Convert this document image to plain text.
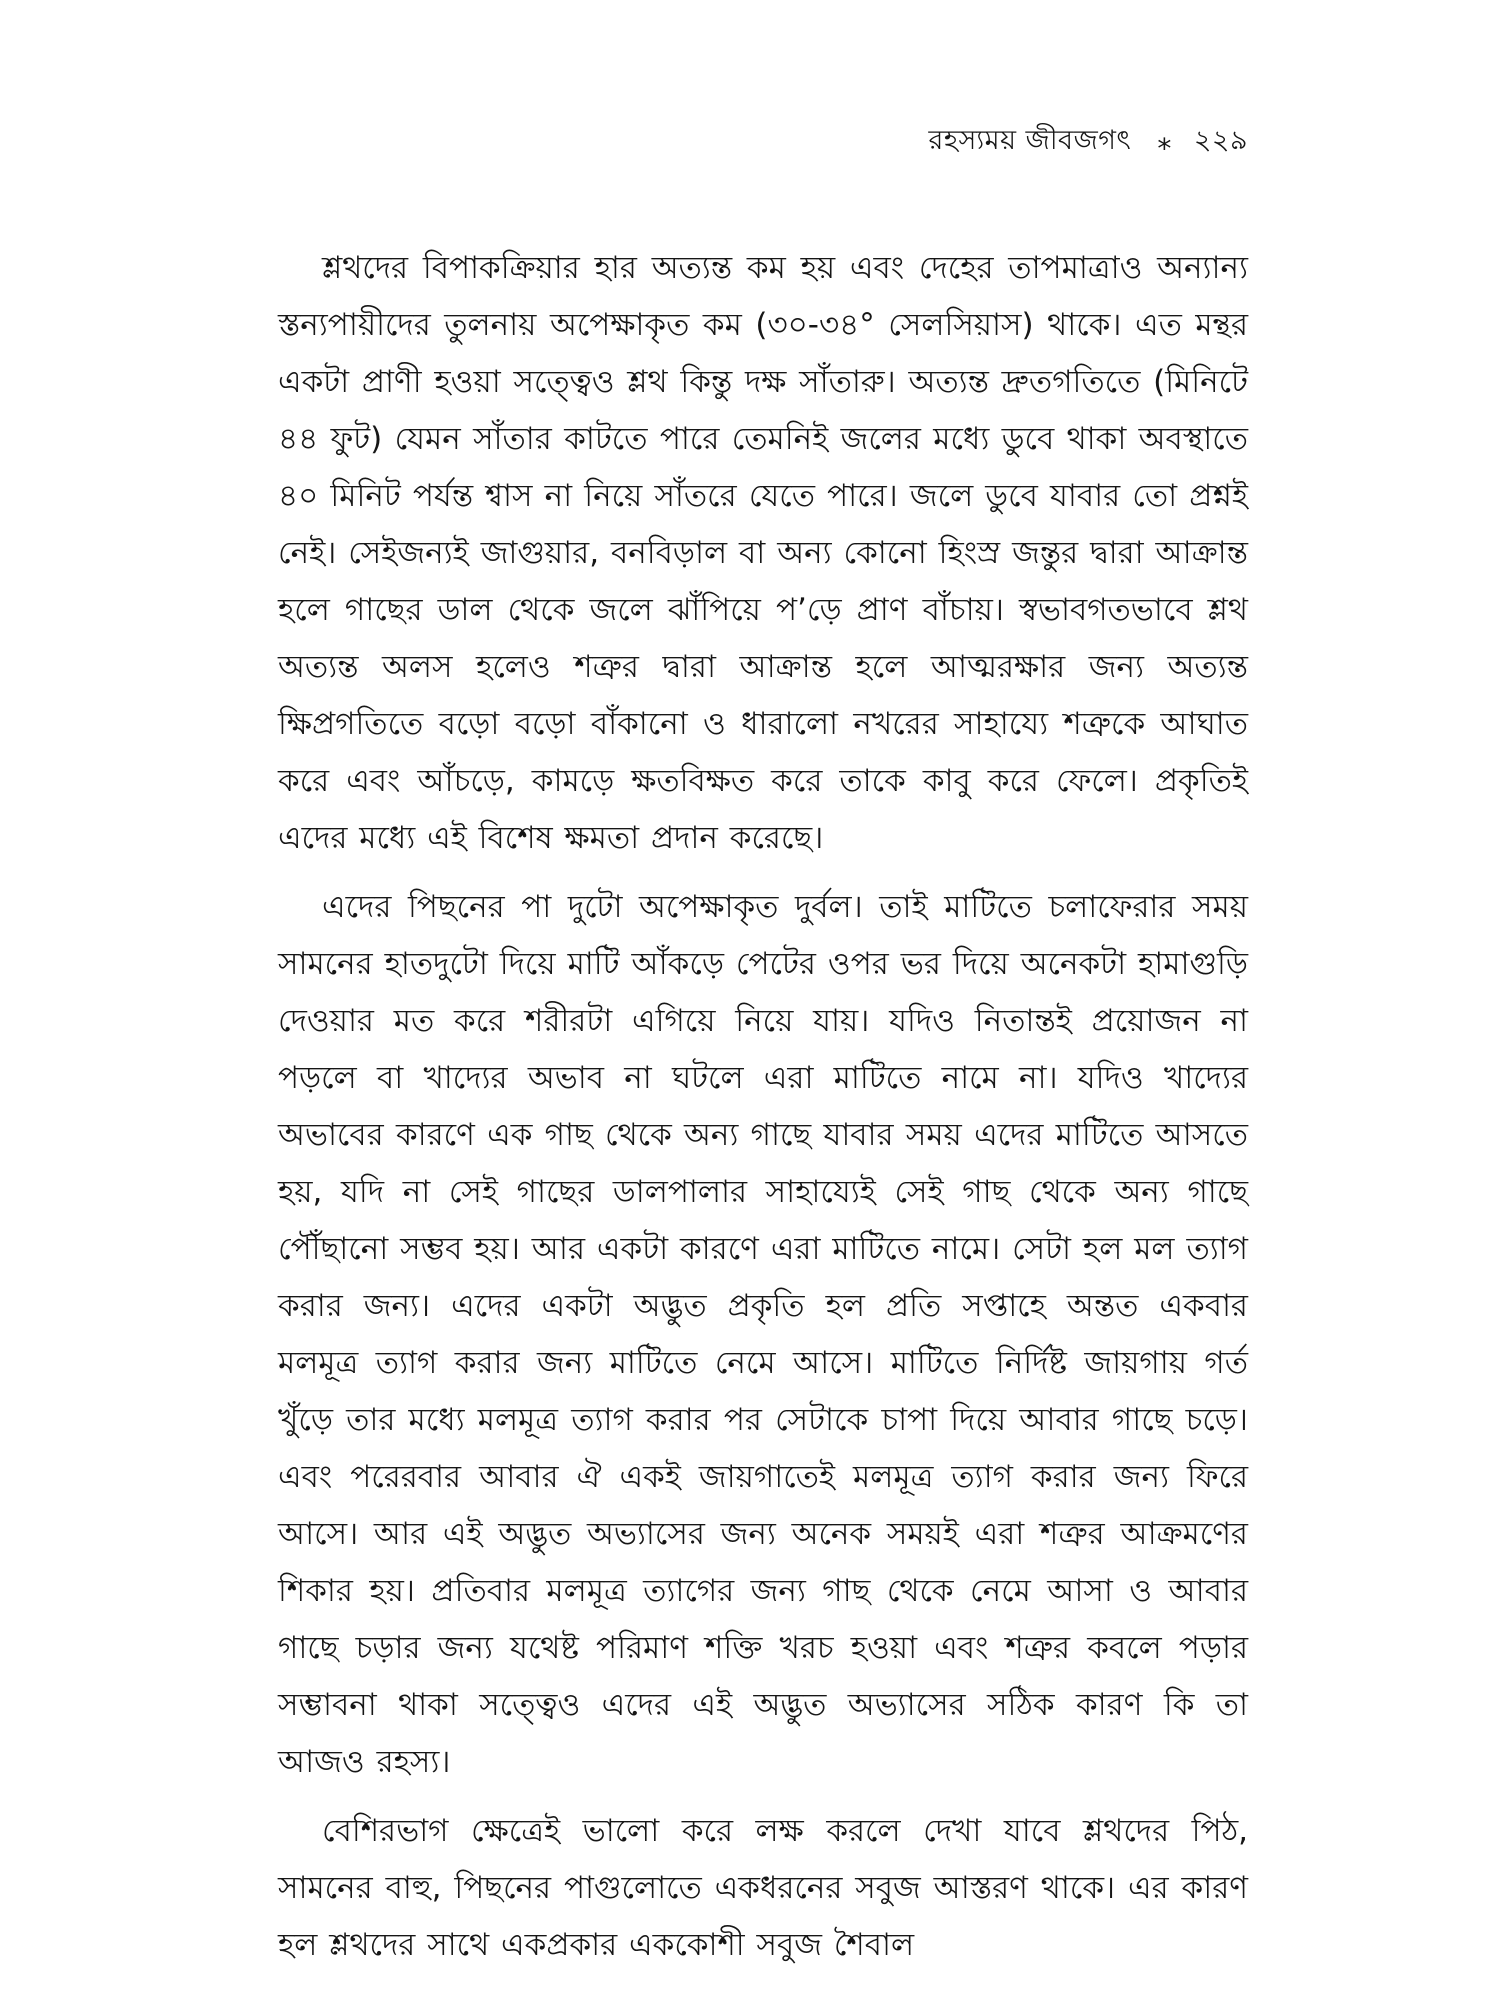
রহস্যময় জীবজগৎ ⁎ ২২৯

শ্লথদের বিপাকক্রিয়ার হার অত্যন্ত কম হয় এবং দেহের তাপমাত্রাও অন্যান্য স্তন্যপায়ীদের তুলনায় অপেক্ষাকৃত কম (৩০-৩৪° সেলসিয়াস) থাকে। এত মন্থর একটা প্রাণী হওয়া সত্ত্বেও শ্লথ কিন্তু দক্ষ সাঁতারু। অত্যন্ত দ্রুতগতিতে (মিনিটে ৪৪ ফুট) যেমন সাঁতার কাটতে পারে তেমনিই জলের মধ্যে ডুবে থাকা অবস্থাতে ৪০ মিনিট পর্যন্ত শ্বাস না নিয়ে সাঁতরে যেতে পারে। জলে ডুবে যাবার তো প্রশ্নই নেই। সেইজন্যই জাগুয়ার, বনবিড়াল বা অন্য কোনো হিংস্র জন্তুর দ্বারা আক্রান্ত হলে গাছের ডাল থেকে জলে ঝাঁপিয়ে প’ড়ে প্রাণ বাঁচায়। স্বভাবগতভাবে শ্লথ অত্যন্ত অলস হলেও শত্রুর দ্বারা আক্রান্ত হলে আত্মরক্ষার জন্য অত্যন্ত ক্ষিপ্রগতিতে বড়ো বড়ো বাঁকানো ও ধারালো নখরের সাহায্যে শত্রুকে আঘাত করে এবং আঁচড়ে, কামড়ে ক্ষতবিক্ষত করে তাকে কাবু করে ফেলে। প্রকৃতিই এদের মধ্যে এই বিশেষ ক্ষমতা প্রদান করেছে।

এদের পিছনের পা দুটো অপেক্ষাকৃত দুর্বল। তাই মাটিতে চলাফেরার সময় সামনের হাতদুটো দিয়ে মাটি আঁকড়ে পেটের ওপর ভর দিয়ে অনেকটা হামাগুড়ি দেওয়ার মত করে শরীরটা এগিয়ে নিয়ে যায়। যদিও নিতান্তই প্রয়োজন না পড়লে বা খাদ্যের অভাব না ঘটলে এরা মাটিতে নামে না। যদিও খাদ্যের অভাবের কারণে এক গাছ থেকে অন্য গাছে যাবার সময় এদের মাটিতে আসতে হয়, যদি না সেই গাছের ডালপালার সাহায্যেই সেই গাছ থেকে অন্য গাছে পৌঁছানো সম্ভব হয়। আর একটা কারণে এরা মাটিতে নামে। সেটা হল মল ত্যাগ করার জন্য। এদের একটা অদ্ভুত প্রকৃতি হল প্রতি সপ্তাহে অন্তত একবার মলমূত্র ত্যাগ করার জন্য মাটিতে নেমে আসে। মাটিতে নির্দিষ্ট জায়গায় গর্ত খুঁড়ে তার মধ্যে মলমূত্র ত্যাগ করার পর সেটাকে চাপা দিয়ে আবার গাছে চড়ে। এবং পরেরবার আবার ঐ একই জায়গাতেই মলমূত্র ত্যাগ করার জন্য ফিরে আসে। আর এই অদ্ভুত অভ্যাসের জন্য অনেক সময়ই এরা শত্রুর আক্রমণের শিকার হয়। প্রতিবার মলমূত্র ত্যাগের জন্য গাছ থেকে নেমে আসা ও আবার গাছে চড়ার জন্য যথেষ্ট পরিমাণ শক্তি খরচ হওয়া এবং শত্রুর কবলে পড়ার সম্ভাবনা থাকা সত্ত্বেও এদের এই অদ্ভুত অভ্যাসের সঠিক কারণ কি তা আজও রহস্য।

বেশিরভাগ ক্ষেত্রেই ভালো করে লক্ষ করলে দেখা যাবে শ্লথদের পিঠ, সামনের বাহু, পিছনের পাগুলোতে একধরনের সবুজ আস্তরণ থাকে। এর কারণ হল শ্লথদের সাথে একপ্রকার এককোশী সবুজ শৈবাল
